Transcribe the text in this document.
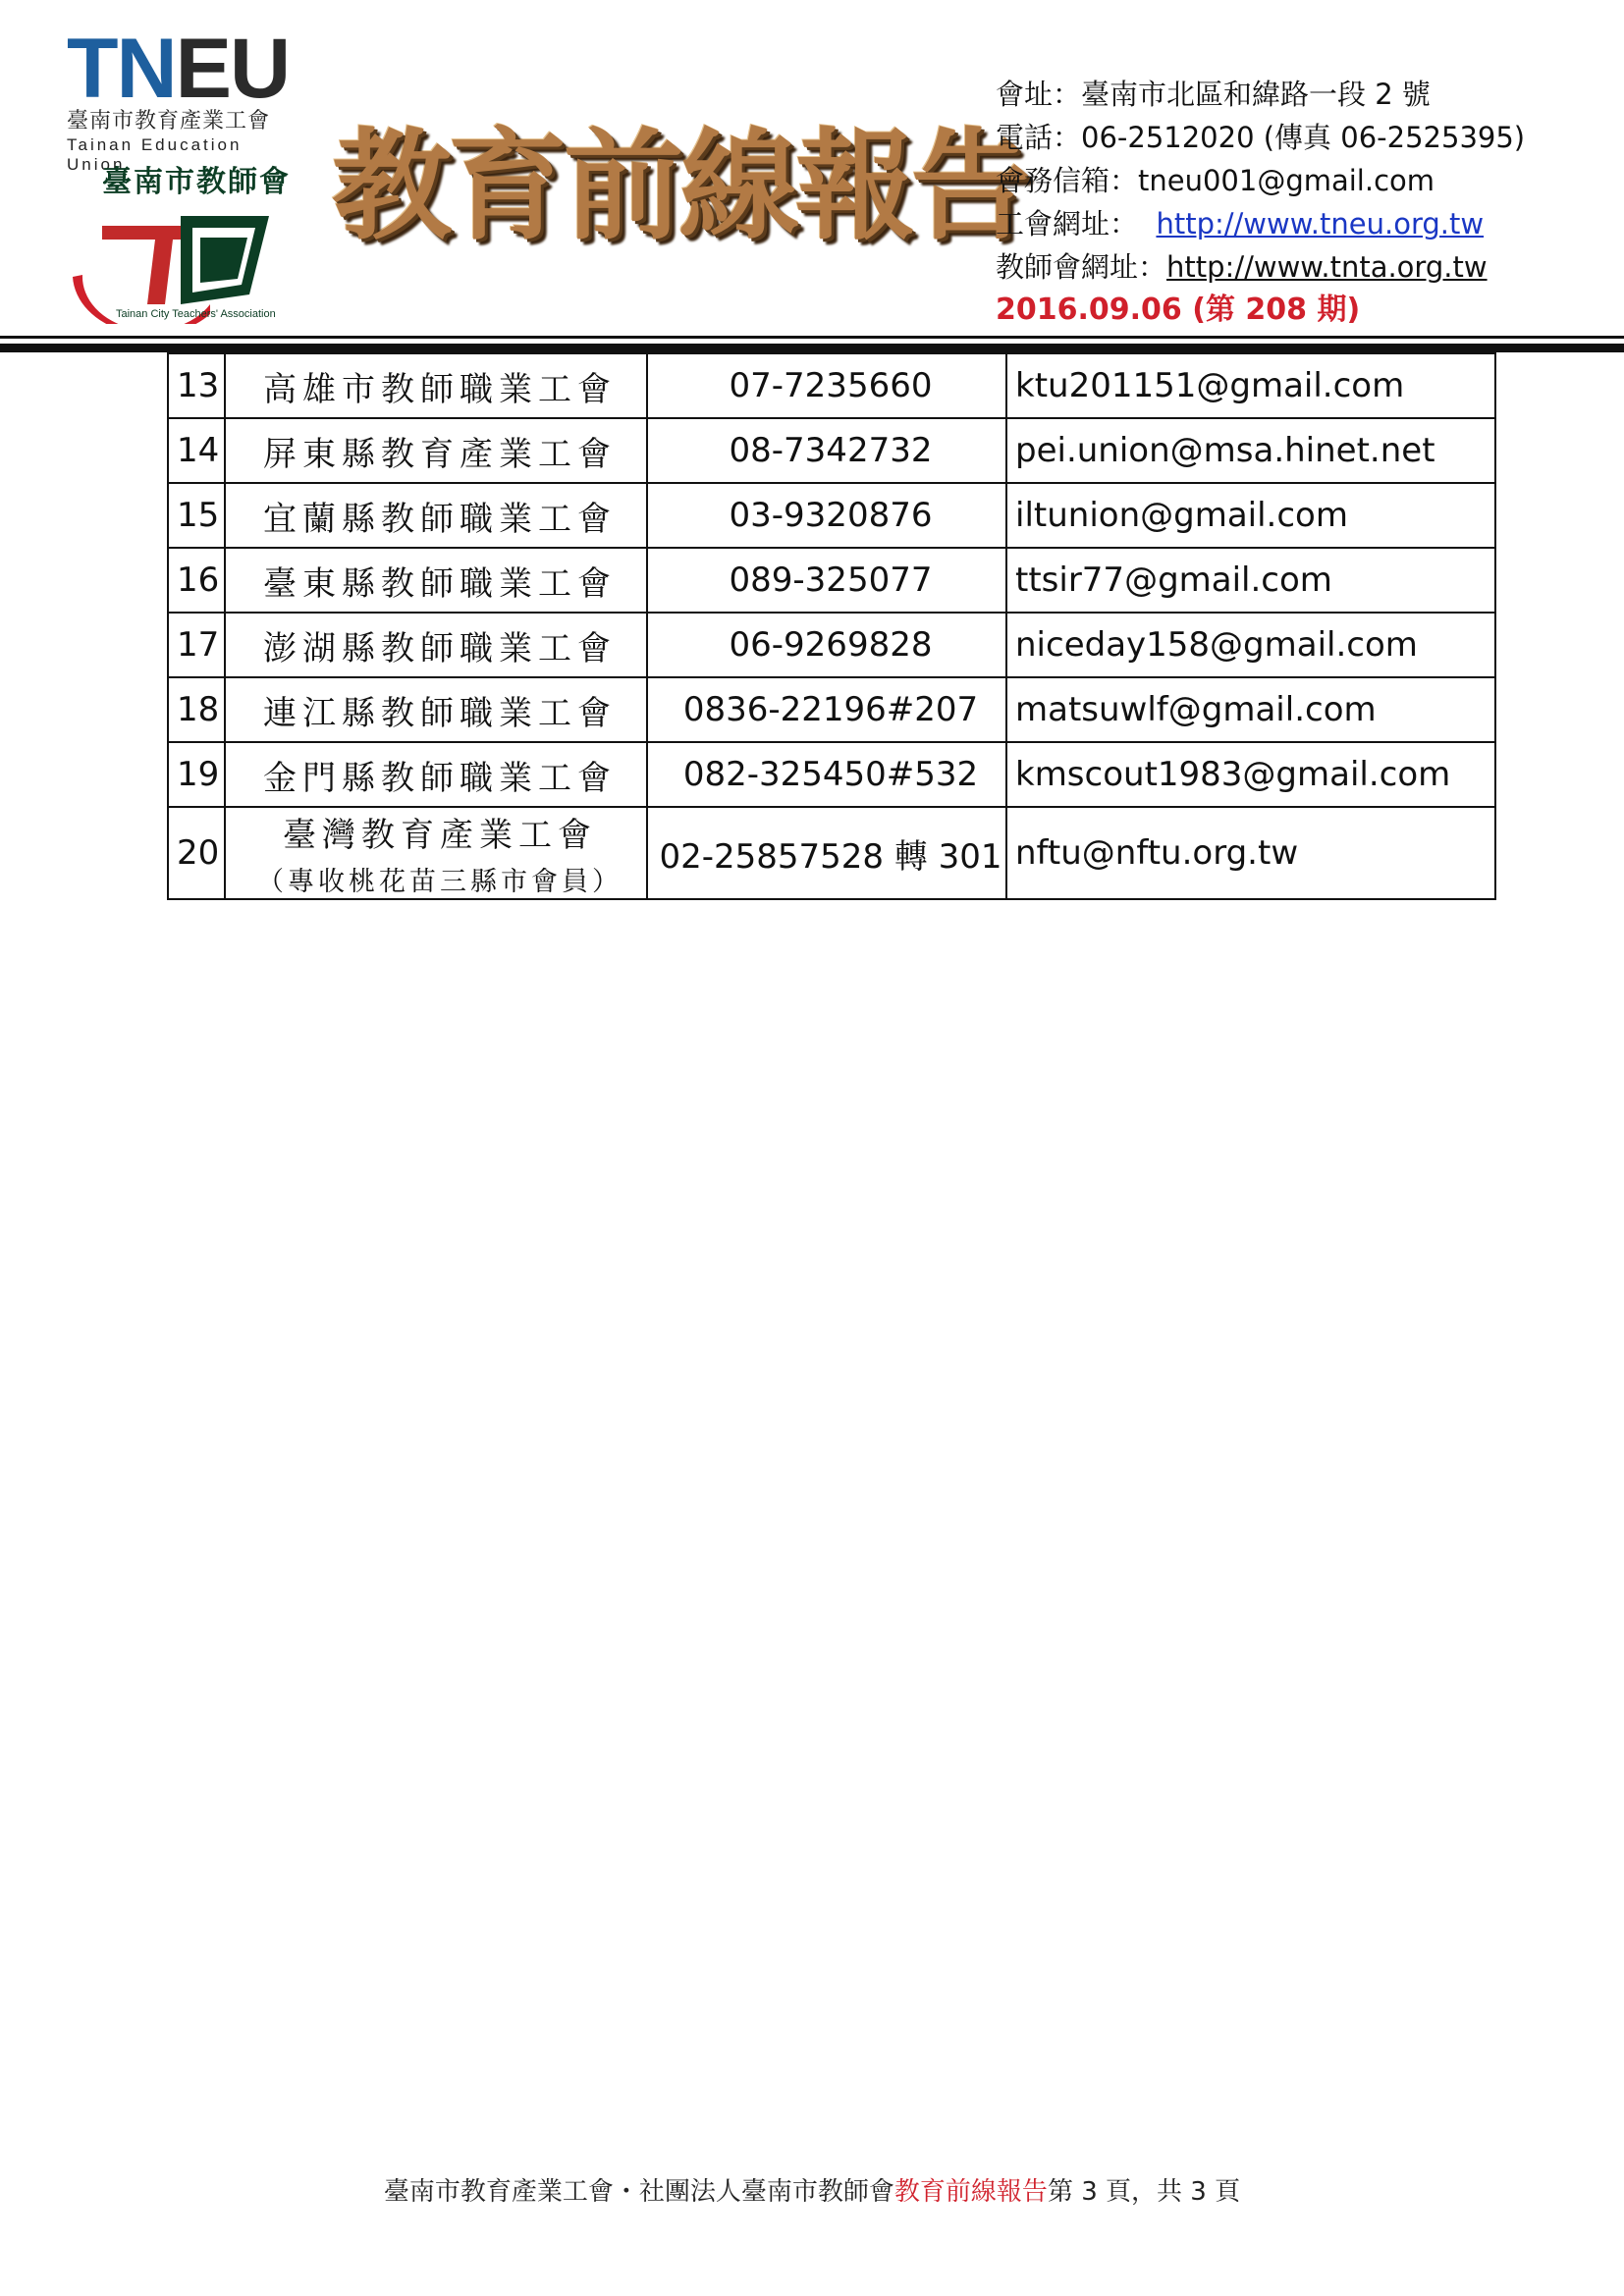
TNEU
臺南市教育產業工會
Tainan Education Union
臺南市教師會
Tainan City Teachers' Association
教育前線報告
會址：臺南市北區和緯路一段 2 號
電話：06-2512020 (傳真 06-2525395)
會務信箱：tneu001@gmail.com
工會網址： http://www.tneu.org.tw
教師會網址：http://www.tnta.org.tw
2016.09.06 (第 208 期)
13	高雄市教師職業工會	07-7235660	ktu201151@gmail.com
14	屏東縣教育產業工會	08-7342732	pei.union@msa.hinet.net
15	宜蘭縣教師職業工會	03-9320876	iltunion@gmail.com
16	臺東縣教師職業工會	089-325077	ttsir77@gmail.com
17	澎湖縣教師職業工會	06-9269828	niceday158@gmail.com
18	連江縣教師職業工會	0836-22196#207	matsuwlf@gmail.com
19	金門縣教師職業工會	082-325450#532	kmscout1983@gmail.com
20	臺灣教育產業工會
（專收桃花苗三縣市會員）	02-25857528 轉 301	nftu@nftu.org.tw
臺南市教育產業工會・社團法人臺南市教師會教育前線報告第 3 頁，共 3 頁
